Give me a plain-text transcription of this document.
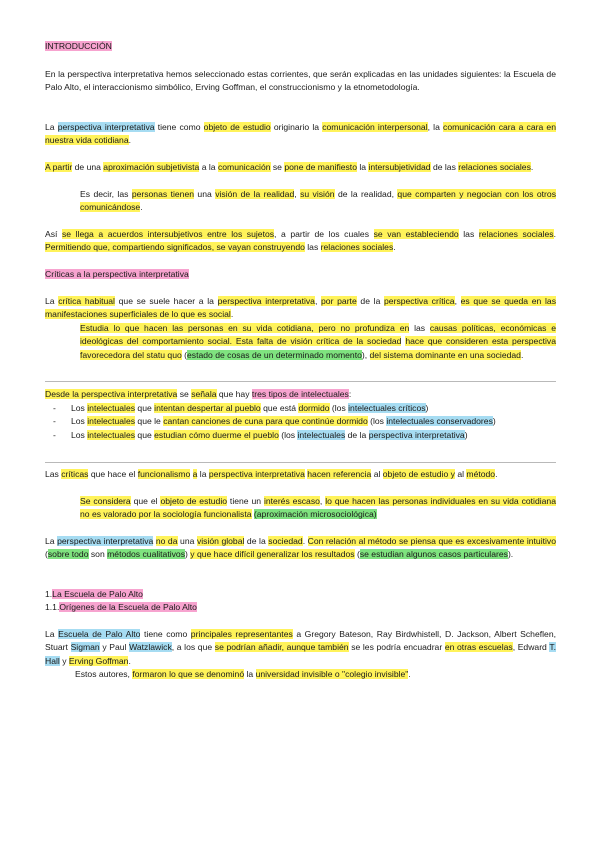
INTRODUCCIÓN

En la perspectiva interpretativa hemos seleccionado estas corrientes, que serán explicadas en las unidades siguientes: la Escuela de Palo Alto, el interaccionismo simbólico, Erving Goffman, el construccionismo y la etnometodología.

La perspectiva interpretativa tiene como objeto de estudio originario la comunicación interpersonal, la comunicación cara a cara en nuestra vida cotidiana.

A partir de una aproximación subjetivista a la comunicación se pone de manifiesto la intersubjetividad de las relaciones sociales.

Es decir, las personas tienen una visión de la realidad, su visión de la realidad, que comparten y negocian con los otros comunicándose.

Así se llega a acuerdos intersubjetivos entre los sujetos, a partir de los cuales se van estableciendo las relaciones sociales. Permitiendo que, compartiendo significados, se vayan construyendo las relaciones sociales.

Críticas a la perspectiva interpretativa

La crítica habitual que se suele hacer a la perspectiva interpretativa, por parte de la perspectiva crítica, es que se queda en las manifestaciones superficiales de lo que es social.

Estudia lo que hacen las personas en su vida cotidiana, pero no profundiza en las causas políticas, económicas e ideológicas del comportamiento social. Esta falta de visión crítica de la sociedad hace que consideren esta perspectiva favorecedora del statu quo (estado de cosas de un determinado momento), del sistema dominante en una sociedad.

Desde la perspectiva interpretativa se señala que hay tres tipos de intelectuales:

- Los intelectuales que intentan despertar al pueblo que está dormido (los intelectuales críticos)
- Los intelectuales que le cantan canciones de cuna para que continúe dormido (los intelectuales conservadores)
- Los intelectuales que estudian cómo duerme el pueblo (los intelectuales de la perspectiva interpretativa)

Las críticas que hace el funcionalismo a la perspectiva interpretativa hacen referencia al objeto de estudio y al método.

Se considera que el objeto de estudio tiene un interés escaso, lo que hacen las personas individuales en su vida cotidiana no es valorado por la sociología funcionalista (aproximación microsociológica)

La perspectiva interpretativa no da una visión global de la sociedad. Con relación al método se piensa que es excesivamente intuitivo (sobre todo son métodos cualitativos) y que hace difícil generalizar los resultados (se estudian algunos casos particulares).

1.La Escuela de Palo Alto

1.1.Orígenes de la Escuela de Palo Alto

La Escuela de Palo Alto tiene como principales representantes a Gregory Bateson, Ray Birdwhistell, D. Jackson, Albert Scheflen, Stuart Sigman y Paul Watzlawick, a los que se podrían añadir, aunque también se les podría encuadrar en otras escuelas, Edward T. Hall y Erving Goffman.

Estos autores, formaron lo que se denominó la universidad invisible o "colegio invisible".
